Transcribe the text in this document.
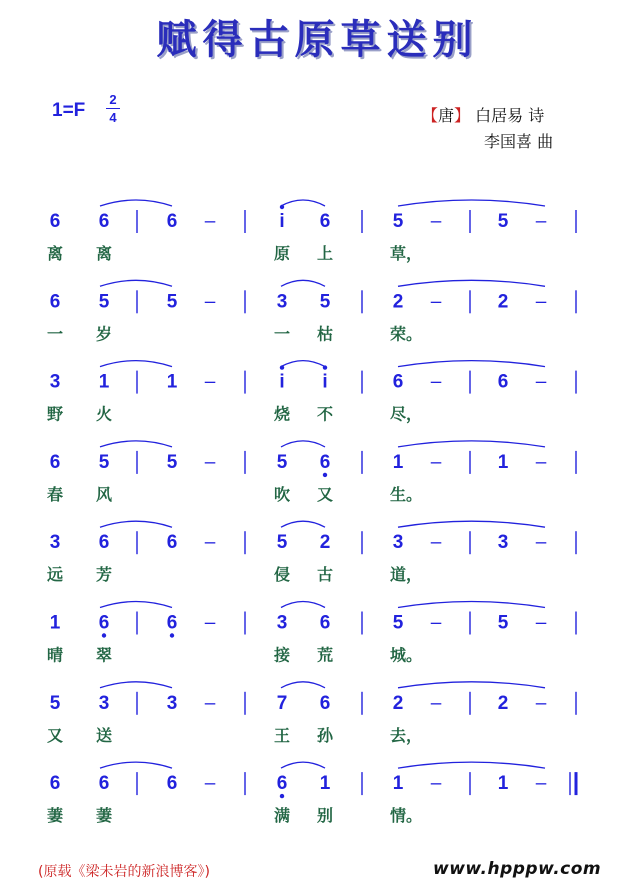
赋得古原草送别
1=F
2
4	【唐】 白居易 诗
李国喜 曲
6 6	6 –	i 6	5 –	5 –
离 离	原 上	草，
6 5	5 –	3 5	2 –	2 –
一 岁	一 枯	荣。
3 1	1 –	i i	6 –	6 –
野 火	烧 不	尽，
6 5	5 –	5 6	1 –	1 –
春 风	吹 又	生。
3 6	6 –	5 2	3 –	3 –
远 芳	侵 古	道，
1 6	6 –	3 6	5 –	5 –
晴 翠	接 荒	城。
5 3	3 –	7 6	2 –	2 –
又 送	王 孙	去，
6 6	6 –	6 1	1 –	1 –
萋 萋	满 别	情。
(原载《梁未岩的新浪博客》)	www.hpppw.com
